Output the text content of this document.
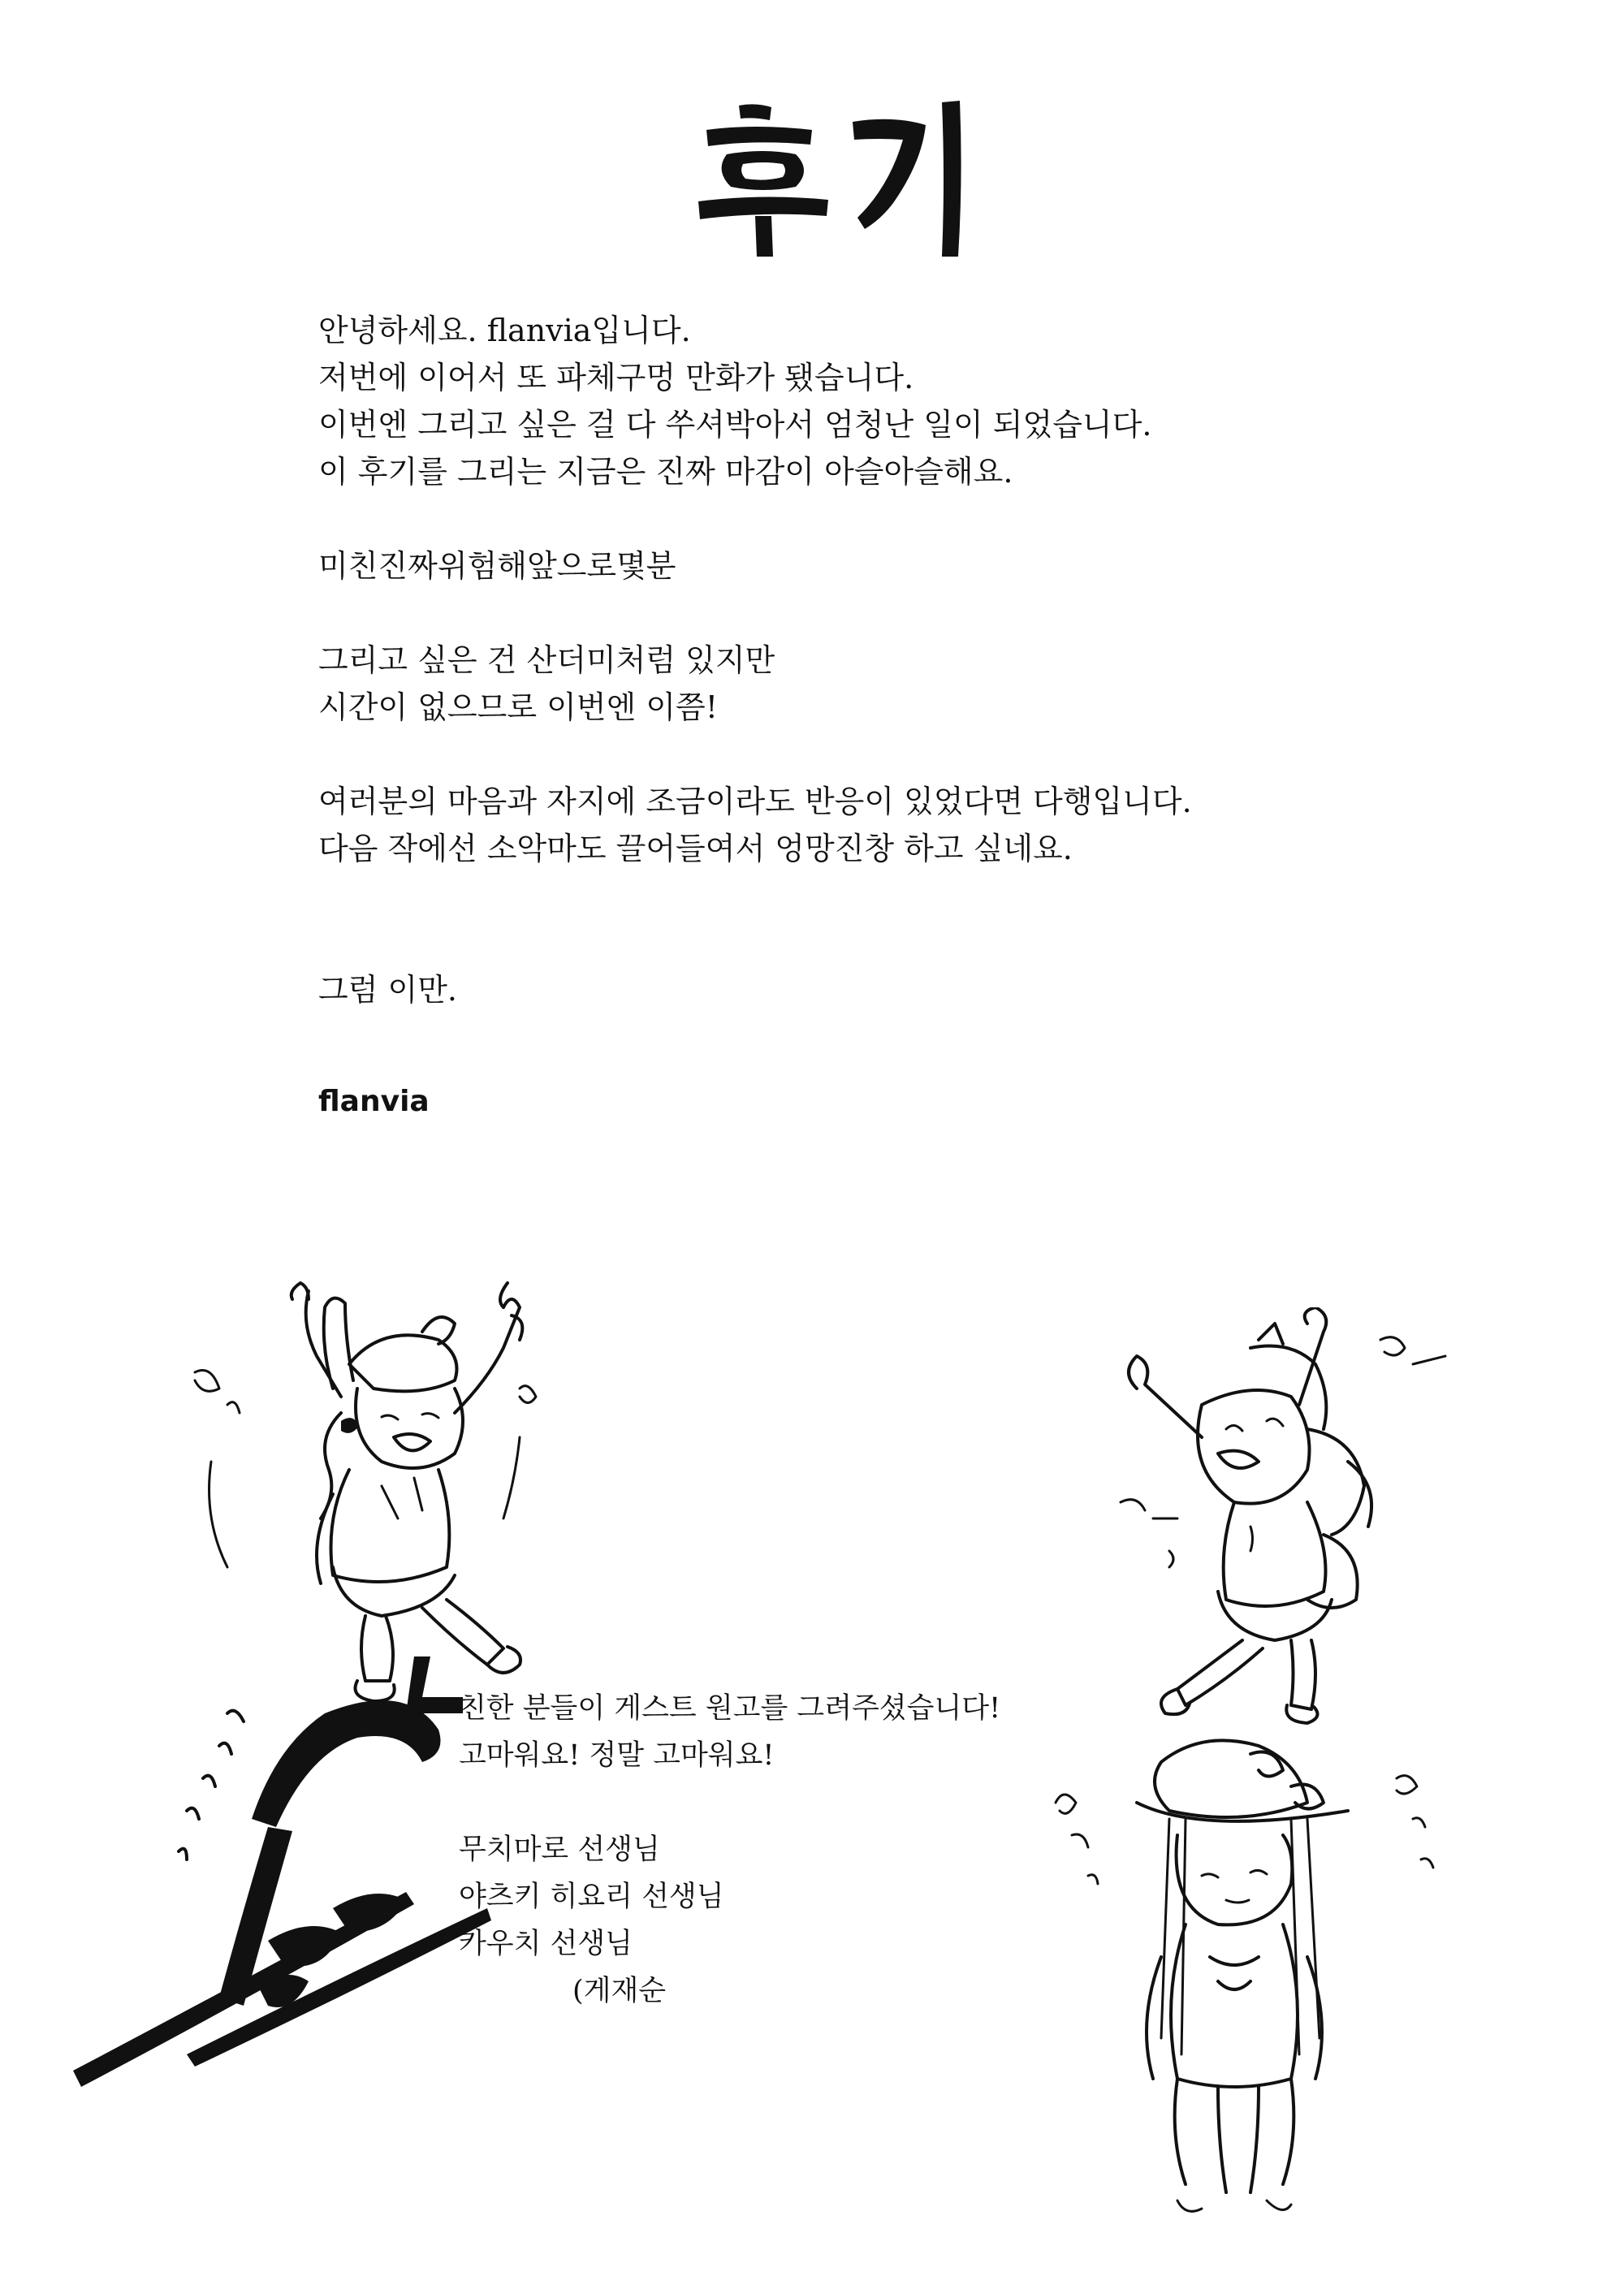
안녕하세요. flanvia입니다.
저번에 이어서 또 파체구멍 만화가 됐습니다.
이번엔 그리고 싶은 걸 다 쑤셔박아서 엄청난 일이 되었습니다.
이 후기를 그리는 지금은 진짜 마감이 아슬아슬해요.
미친진짜위험해앞으로몇분
그리고 싶은 건 산더미처럼 있지만
시간이 없으므로 이번엔 이쯤!
여러분의 마음과 자지에 조금이라도 반응이 있었다면 다행입니다.
다음 작에선 소악마도 끌어들여서 엉망진창 하고 싶네요.
그럼 이만.
flanvia
친한 분들이 게스트 원고를 그려주셨습니다!
고마워요! 정말 고마워요!
무치마로 선생님
야츠키 히요리 선생님
카우치 선생님
(게재순
